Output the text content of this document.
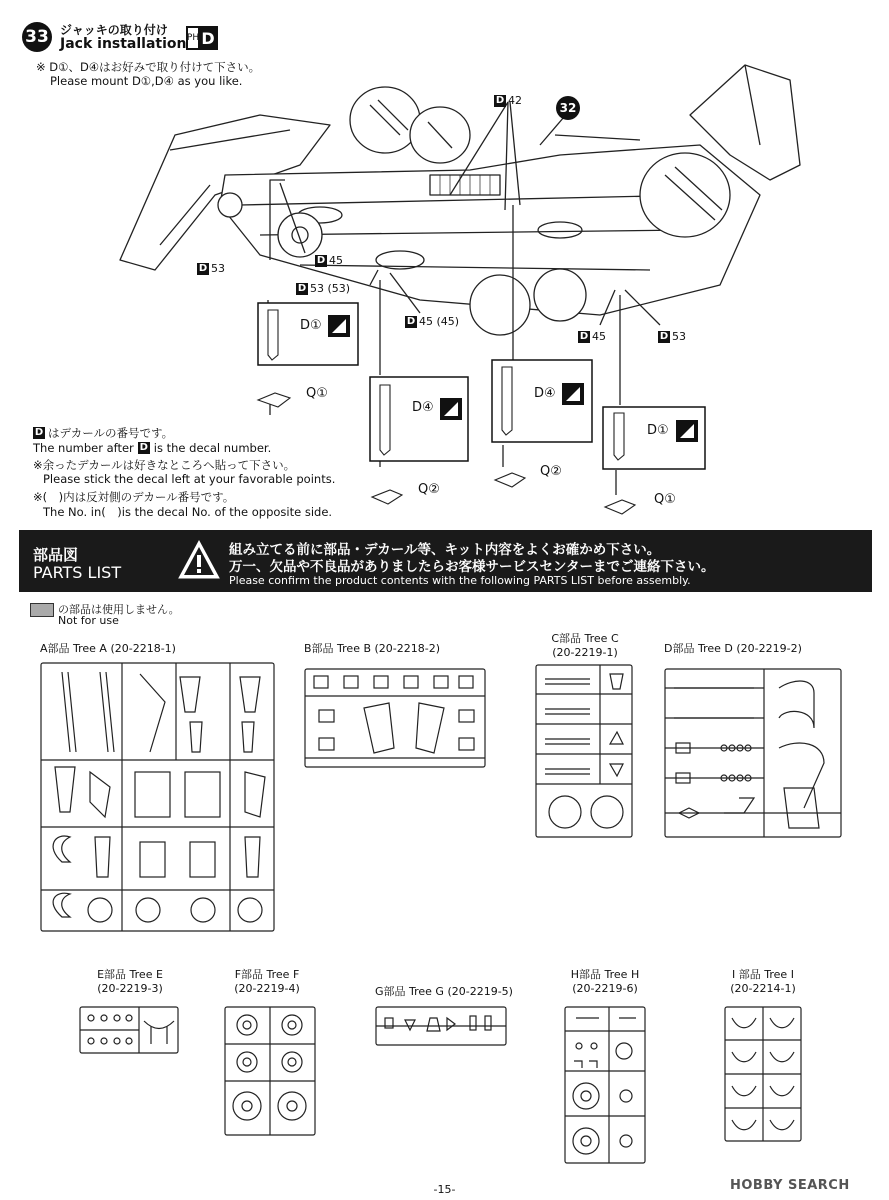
33 ジャッキの取り付け
Jack installation PH D
※ D①、D④はお好みで取り付けて下さい。
Please mount D①,D④ as you like.
32
D 42
D 53
D 45
D 53 (53)
D 45 (45)
D 45	D 53
D①
D④
D④
D①
Q①
Q②
Q②
Q①
D はデカールの番号です。
The number after D is the decal number.
※余ったデカールは好きなところへ貼って下さい。
Please stick the decal left at your favorable points.
※(　)内は反対側のデカール番号です。
The No. in(　)is the decal No. of the opposite side.
部品図
PARTS LIST
組み立てる前に部品・デカール等、キット内容をよくお確かめ下さい。
万一、欠品や不良品がありましたらお客様サービスセンターまでご連絡下さい。
Please confirm the product contents with the following PARTS LIST before assembly.
の部品は使用しません。
Not for use
A部品 Tree A (20-2218-1)	B部品 Tree B (20-2218-2)
C部品 Tree C
(20-2219-1)	D部品 Tree D (20-2219-2)
E部品 Tree E
(20-2219-3)
F部品 Tree F
(20-2219-4)	G部品 Tree G (20-2219-5)
H部品 Tree H
(20-2219-6)
I 部品 Tree I
(20-2214-1)
-15-	HOBBY SEARCH
